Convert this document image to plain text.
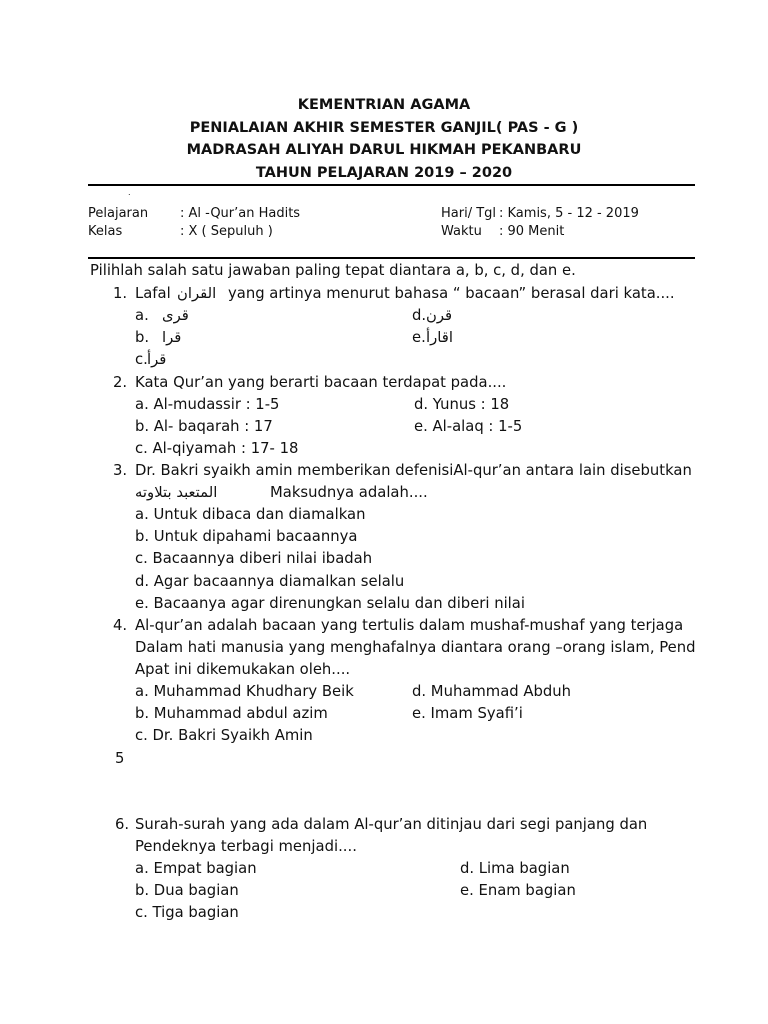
KEMENTRIAN AGAMA
PENIALAIAN AKHIR SEMESTER GANJIL( PAS - G )
MADRASAH ALIYAH DARUL HIKMAH PEKANBARU
TAHUN PELAJARAN 2019 – 2020
.
Pelajaran : Al -Qur’an Hadits
Kelas	: X ( Sepuluh )
Hari/ Tgl : Kamis, 5 - 12 - 2019
Waktu : 90 Menit
Pilihlah salah satu jawaban paling tepat diantara a, b, c, d, dan e.
1. Lafal القران yang artinya menurut bahasa “ bacaan” berasal dari kata....
a. قرى
b. قرا
c. قرأ
d. قرن
e. اقارأ
2. Kata Qur’an yang berarti bacaan terdapat pada....
a. Al-mudassir : 1-5
b. Al- baqarah : 17
c. Al-qiyamah : 17- 18
d. Yunus : 18
e. Al-alaq : 1-5
3. Dr. Bakri syaikh amin memberikan defenisiAl-qur’an antara lain disebutkan
المتعبد بتلاوته	Maksudnya adalah....
a. Untuk dibaca dan diamalkan
b. Untuk dipahami bacaannya
c. Bacaannya diberi nilai ibadah
d. Agar bacaannya diamalkan selalu
e. Bacaanya agar direnungkan selalu dan diberi nilai
4. Al-qur’an adalah bacaan yang tertulis dalam mushaf-mushaf yang terjaga
Dalam hati manusia yang menghafalnya diantara orang –orang islam, Pend
Apat ini dikemukakan oleh....
a. Muhammad Khudhary Beik
b. Muhammad abdul azim
c. Dr. Bakri Syaikh Amin
d. Muhammad Abduh
e. Imam Syafi’i
5
6. Surah-surah yang ada dalam Al-qur’an ditinjau dari segi panjang dan
Pendeknya terbagi menjadi....
a. Empat bagian
b. Dua bagian
c. Tiga bagian
d. Lima bagian
e. Enam bagian
